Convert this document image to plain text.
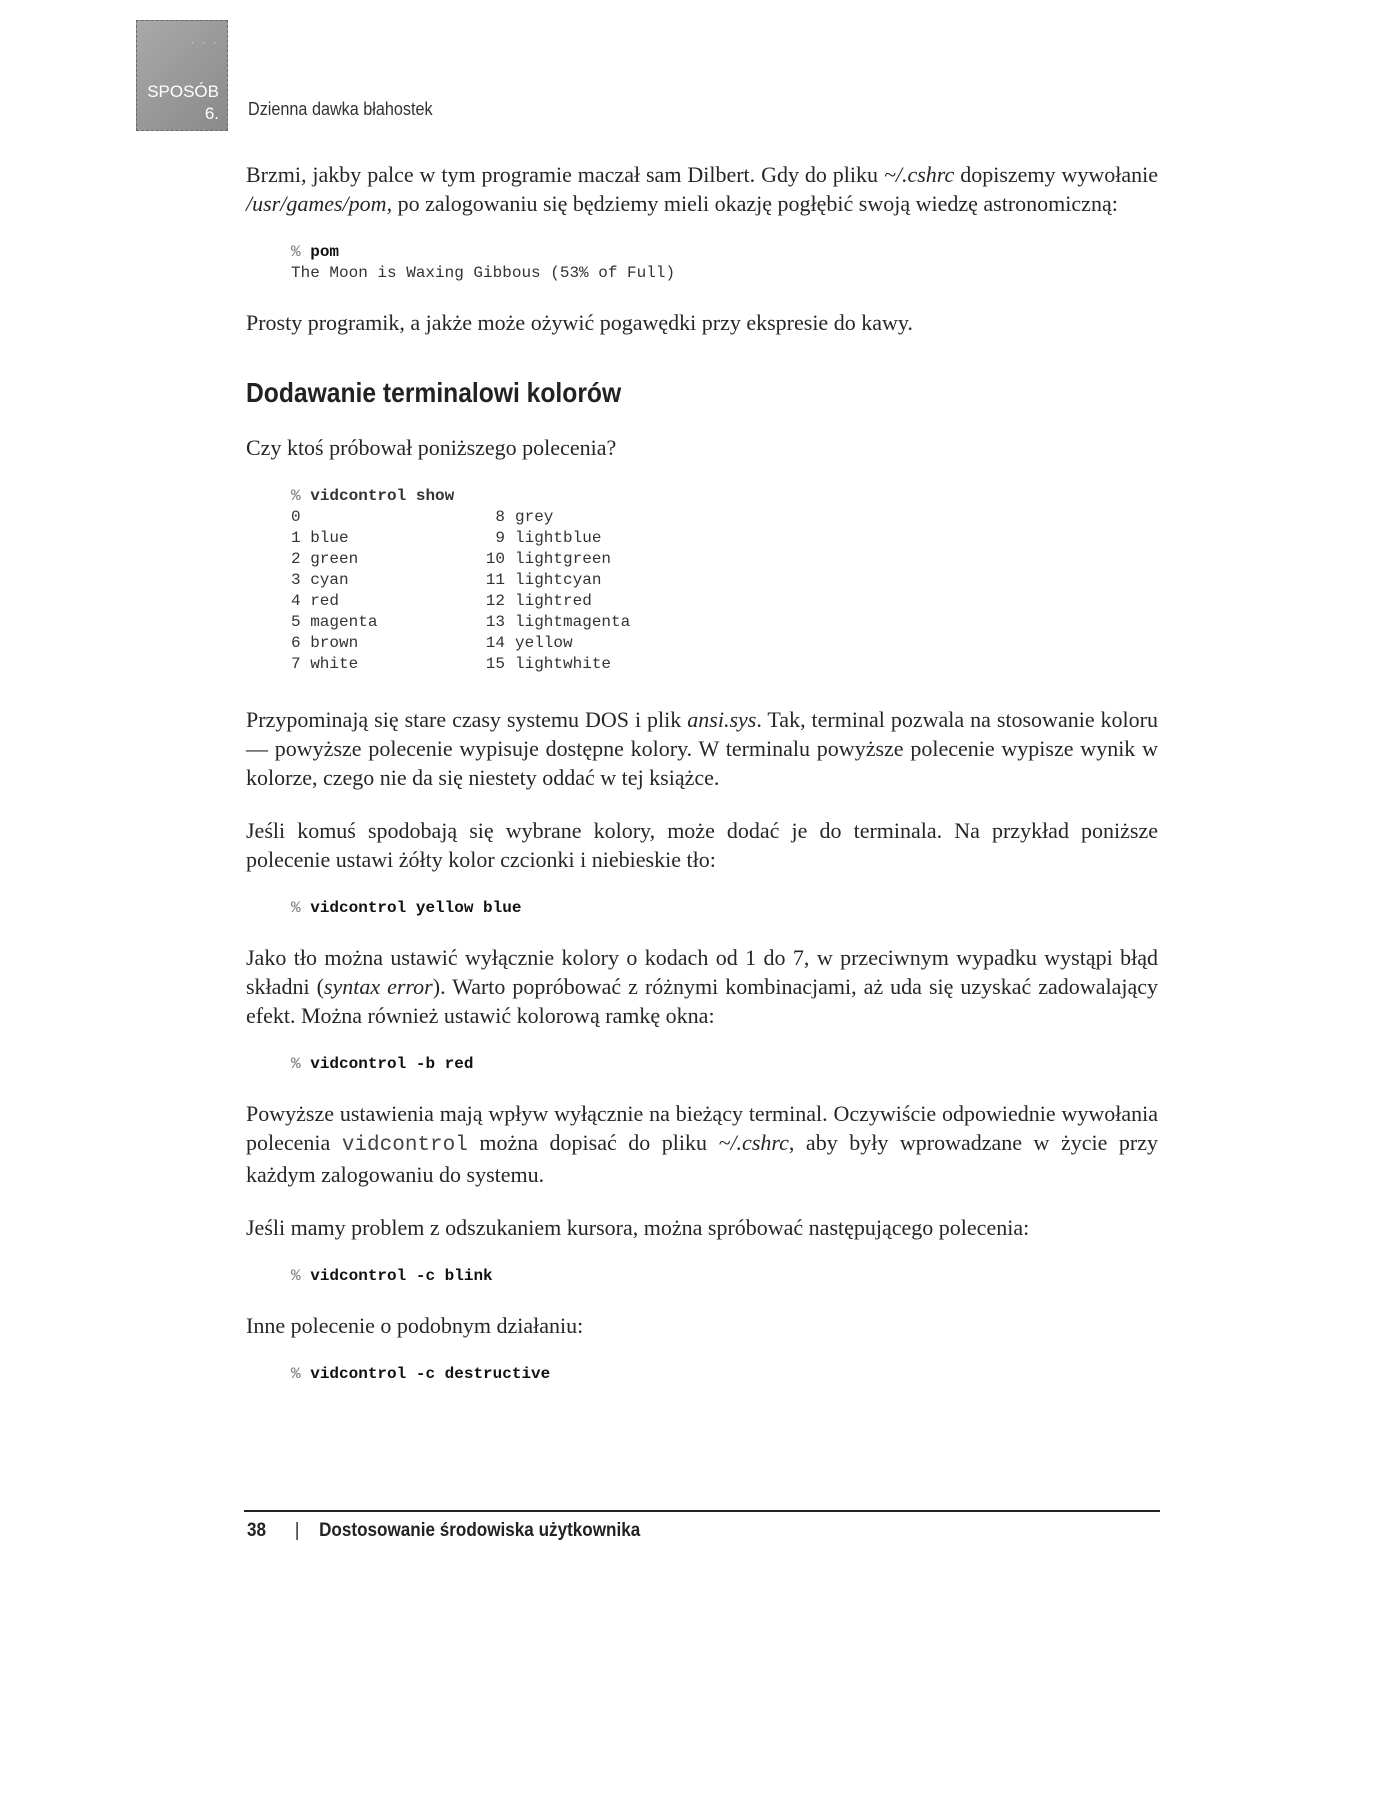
· · ·
SPOSÓB
6. Dzienna dawka błahostek

Brzmi, jakby palce w tym programie maczał sam Dilbert. Gdy do pliku ~/.cshrc dopiszemy wywołanie /usr/games/pom, po zalogowaniu się będziemy mieli okazję pogłębić swoją wiedzę astronomiczną:

% pom
The Moon is Waxing Gibbous (53% of Full)

Prosty programik, a jakże może ożywić pogawędki przy ekspresie do kawy.

Dodawanie terminalowi kolorów

Czy ktoś próbował poniższego polecenia?

% vidcontrol show
0	8 grey
1 blue	9 lightblue
2 green	10 lightgreen
3 cyan	11 lightcyan
4 red	12 lightred
5 magenta	13 lightmagenta
6 brown	14 yellow
7 white	15 lightwhite

Przypominają się stare czasy systemu DOS i plik ansi.sys. Tak, terminal pozwala na stosowanie koloru — powyższe polecenie wypisuje dostępne kolory. W terminalu powyższe polecenie wypisze wynik w kolorze, czego nie da się niestety oddać w tej książce.

Jeśli komuś spodobają się wybrane kolory, może dodać je do terminala. Na przykład poniższe polecenie ustawi żółty kolor czcionki i niebieskie tło:

% vidcontrol yellow blue

Jako tło można ustawić wyłącznie kolory o kodach od 1 do 7, w przeciwnym wypadku wystąpi błąd składni (syntax error). Warto popróbować z różnymi kombinacjami, aż uda się uzyskać zadowalający efekt. Można również ustawić kolorową ramkę okna:

% vidcontrol -b red

Powyższe ustawienia mają wpływ wyłącznie na bieżący terminal. Oczywiście odpowiednie wywołania polecenia vidcontrol można dopisać do pliku ~/.cshrc, aby były wprowadzane w życie przy każdym zalogowaniu do systemu.

Jeśli mamy problem z odszukaniem kursora, można spróbować następującego polecenia:

% vidcontrol -c blink

Inne polecenie o podobnym działaniu:

% vidcontrol -c destructive
38 | Dostosowanie środowiska użytkownika
